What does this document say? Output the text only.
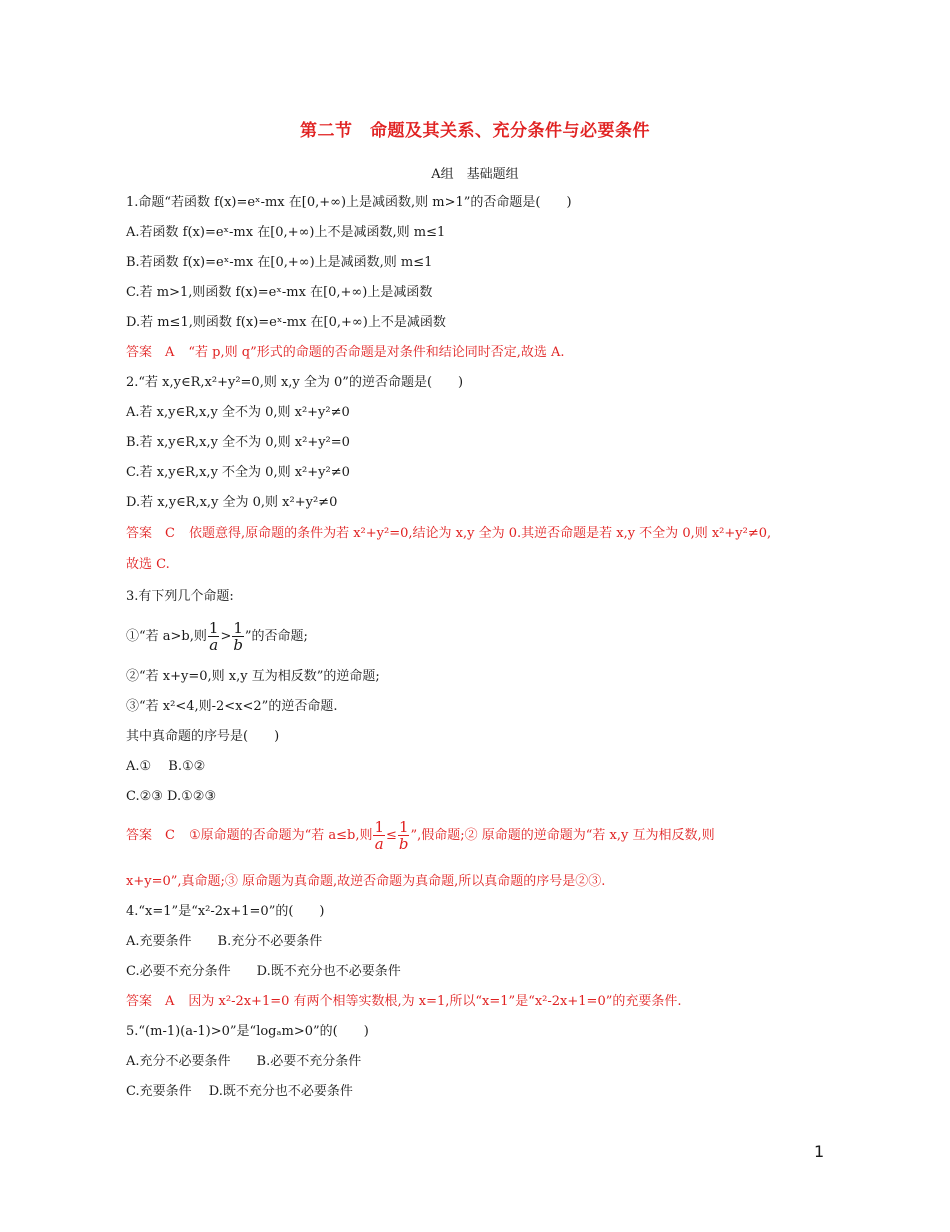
第二节　命题及其关系、充分条件与必要条件
A组　基础题组
1.命题“若函数 f(x)=eˣ-mx 在[0,+∞)上是减函数,则 m>1”的否命题是(　　)
A.若函数 f(x)=eˣ-mx 在[0,+∞)上不是减函数,则 m≤1
B.若函数 f(x)=eˣ-mx 在[0,+∞)上是减函数,则 m≤1
C.若 m>1,则函数 f(x)=eˣ-mx 在[0,+∞)上是减函数
D.若 m≤1,则函数 f(x)=eˣ-mx 在[0,+∞)上不是减函数
答案　A “若 p,则 q”形式的命题的否命题是对条件和结论同时否定,故选 A.
2.“若 x,y∈R,x²+y²=0,则 x,y 全为 0”的逆否命题是(　　)
A.若 x,y∈R,x,y 全不为 0,则 x²+y²≠0
B.若 x,y∈R,x,y 全不为 0,则 x²+y²=0
C.若 x,y∈R,x,y 不全为 0,则 x²+y²≠0
D.若 x,y∈R,x,y 全为 0,则 x²+y²≠0
答案　C 依题意得,原命题的条件为若 x²+y²=0,结论为 x,y 全为 0.其逆否命题是若 x,y 不全为 0,则 x²+y²≠0,
故选 C.
3.有下列几个命题:
①“若 a>b,则 $\frac{1}{a} > \frac{1}{b}$ ”的否命题;
②“若 x+y=0,则 x,y 互为相反数”的逆命题;
③“若 x²<4,则-2<x<2”的逆否命题.
其中真命题的序号是(　　)
A.①　 B.①②
C.②③ D.①②③
答案　C ①原命题的否命题为“若 a≤b,则 $\frac{1}{a} \le \frac{1}{b}$ ”,假命题;② 原命题的逆命题为“若 x,y 互为相反数,则
x+y=0”,真命题;③ 原命题为真命题,故逆否命题为真命题,所以真命题的序号是②③.
4.“x=1”是“x²-2x+1=0”的(　　)
A.充要条件　　B.充分不必要条件
C.必要不充分条件　　D.既不充分也不必要条件
答案　A 因为 x²-2x+1=0 有两个相等实数根,为 x=1,所以“x=1”是“x²-2x+1=0”的充要条件.
5.“(m-1)(a-1)>0”是“logₐm>0”的(　　)
A.充分不必要条件　　B.必要不充分条件
C.充要条件　 D.既不充分也不必要条件
1
